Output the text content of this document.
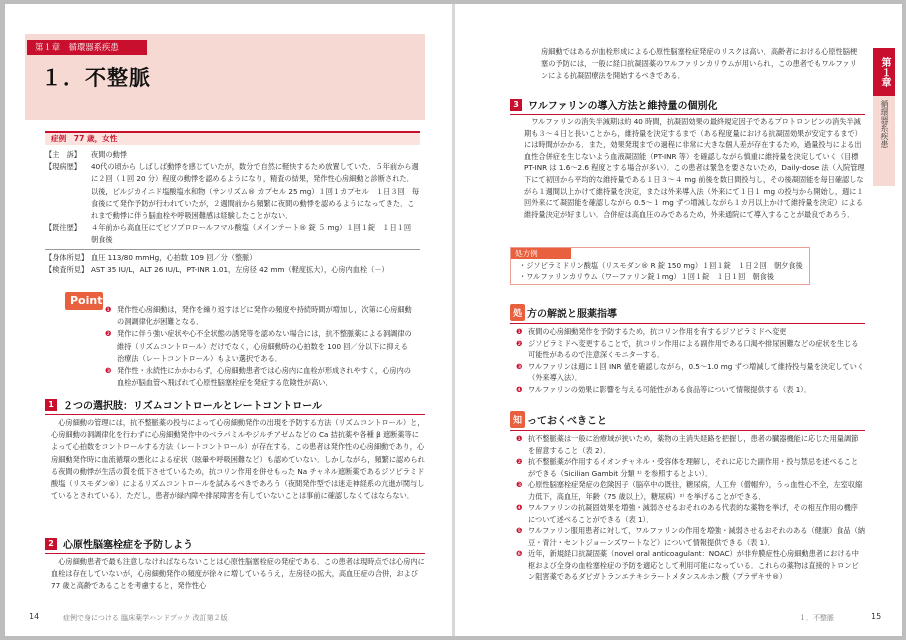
第１章　循環器系疾患
１．不整脈
症例　77 歳，女性
【主　訴】	夜間の動悸
【現病歴】	40代の頃から しばしば動悸を感じていたが，数分で自然に軽快するため放置していた．５年前から週に２回（１回 20 分）程度の動悸を認めるようになり，精査の結果，発作性心房細動と診断された．以後，ピルジカイニド塩酸塩水和物（サンリズム® カプセル 25 mg）１回１カプセル　１日３回　毎食後にて発作予防が行われていたが，２週間前から頻繁に夜間の動悸を認めるようになってきた．これまで動悸に伴う脳血栓や呼吸困難感は経験したことがない．
【既往歴】	４年前から高血圧にてビソプロロールフマル酸塩（メインテート® 錠 ５ mg）１回１錠　１日１回　朝食後
【身体所見】 血圧 113/80 mmHg，心拍数 109 回／分（整脈）
【検査所見】 AST 35 IU/L，ALT 26 IU/L，PT-INR 1.01，左房径 42 mm（軽度拡大），心房内血栓（－）
Point
❶ 発作性心房細動は，発作を繰り返すほどに発作の頻度や持続時間が増加し，次第に心房細動の洞調律化が困難となる．
❷ 発作に伴う強い症状や心不全状態の誘発等を認めない場合には，抗不整脈薬による洞調律の維持（リズムコントロール）だけでなく，心房細動時の心拍数を 100 回／分以下に抑える治療法（レートコントロール）もよい選択である．
❸ 発作性・永続性にかかわらず，心房細動患者では心房内に血栓が形成されやすく，心房内の血栓が脳血管へ飛ばれて心原性脳塞栓症を発症する危険性が高い．
1 ２つの選択肢：リズムコントロールとレートコントロール
心房細動の管理には，抗不整脈薬の投与によって心房細動発作の出現を予防する方法（リズムコントロール）と，心房細動の洞調律化を行わずに心房細動発作中のベラパミルやジルチアゼムなどの Ca 拮抗薬や各種 β 遮断薬等によって心拍数をコントロールする方法（レートコントロール）が存在する．この患者は発作性の心房細動であり，心房細動発作時に血流循環の悪化による症状（眩暈や呼吸困難など）も認めていない．しかしながら，頻繁に認められる夜間の動悸が生活の質を低下させているため，抗コリン作用を併せもった Na チャネル遮断薬であるジソピラミド酸塩（リスモダン®）によるリズムコントロールを試みるべきであろう（夜間発作型では迷走神経系の亢進が関与しているとされている）．ただし，患者が緑内障や排尿障害を有していないことは事前に確認しなくてはならない．
2 心原性脳塞栓症を予防しよう
心房細動患者で最も注意しなければならないことは心原性脳塞栓症の発症である．この患者は現時点では心房内に血栓は存在していないが，心房細動発作の頻度が徐々に増しているうえ，左房径の拡大，高血圧症の合併，および 77 歳と高齢であることを考慮すると，発作性心
14	症例で身につける 臨床薬学ハンドブック 改訂第２版
房細動ではあるが血栓形成による心原性脳塞栓症発症のリスクは高い．高齢者における心原性脳梗塞の予防には，一般に経口抗凝固薬のワルファリンカリウムが用いられ，この患者でもワルファリンによる抗凝固療法を開始するべきである．	第１章
循環器系疾患
3 ワルファリンの導入方法と維持量の個別化
ワルファリンの消失半減期は約 40 時間，抗凝固効果の最終規定因子であるプロトロンビンの消失半減期も３～４日と長いことから，維持量を決定するまで（ある程度量における抗凝固効果が安定するまで）には時間がかかる．また，効果発現までの過程に非常に大きな個人差が存在するため，過量投与による出血性合併症を生じないよう血液凝固能（PT-INR 等）を確認しながら慎重に維持量を決定していく（目標 PT-INR は 1.6～2.6 程度とする場合が多い）．この患者は緊急を要さないため，Daily-dose 法（入院管理下にて初回から平均的な維持量である１日３～４ mg 前後を数日間投与し，その後凝固能を毎日確認しながら１週間以上かけて維持量を決定，または外来導入法（外来にて１日１ mg の投与から開始し，週に１回外来にて凝固能を確認しながら 0.5～１ mg ずつ増減しながら１カ月以上かけて維持量を決定）による維持量決定が好ましい．合併症は高血圧のみであるため，外来通院にて導入することが最良であろう．
処方例
・ジソピラミドリン酸塩（リスモダン® R 錠 150 mg）１回１錠　１日２回　朝夕食後
・ワルファリンカリウム（ワーファリン錠１mg）１回１錠　１日１回　朝食後
処 方の解説と服薬指導
❶ 夜間の心房細動発作を予防するため，抗コリン作用を有するジソピラミドへ変更
❷ ジソピラミドへ変更することで，抗コリン作用による副作用である口渇や排尿困難などの症状を生じる可能性があるので注意深くモニターする．
❸ ワルファリンは週に１回 INR 値を確認しながら，0.5～1.0 mg ずつ増減して維持投与量を決定していく（外来導入法）．
❹ ワルファリンの効果に影響を与える可能性がある食品等について情報提供する（表 1）．
知 っておくべきこと
❶ 抗不整脈薬は一般に治療域が狭いため，薬物の主消失経路を把握し，患者の臓器機能に応じた用量調節を留意すること（表 2）．
❷ 抗不整脈薬が作用するイオンチャネル・受容体を理解し，それに応じた副作用・投与禁忌を述べることができる（Sicilian Gambit 分類 ¹⁾ を参照するとよい）．
❸ 心原性脳塞栓症発症の危険因子（脳卒中の既往，糖尿病，人工弁（僧帽弁），うっ血性心不全，左室収縮力低下，高血圧，年齢（75 歳以上），糖尿病）²⁾ を挙げることができる．
❹ ワルファリンの抗凝固効果を増強・減弱させるおそれのある代表的な薬物を挙げ，その相互作用の機序について述べることができる（表 1）．
❺ ワルファリン服用患者に対して，ワルファリンの作用を増強・減弱させるおそれのある（健康）食品（納豆・青汁・セントジョーンズワートなど）について情報提供できる（表 1）．
❻ 近年，新規経口抗凝固薬（novel oral anticoagulant：NOAC）が非弁膜症性心房細動患者における中枢および全身の血栓塞栓症の予防を適応として利用可能になっている．これらの薬物は直接的トロンビン阻害薬であるダビガトランエテキシラートメタンスルホン酸（プラザキサ®）
１．不整脈	15
